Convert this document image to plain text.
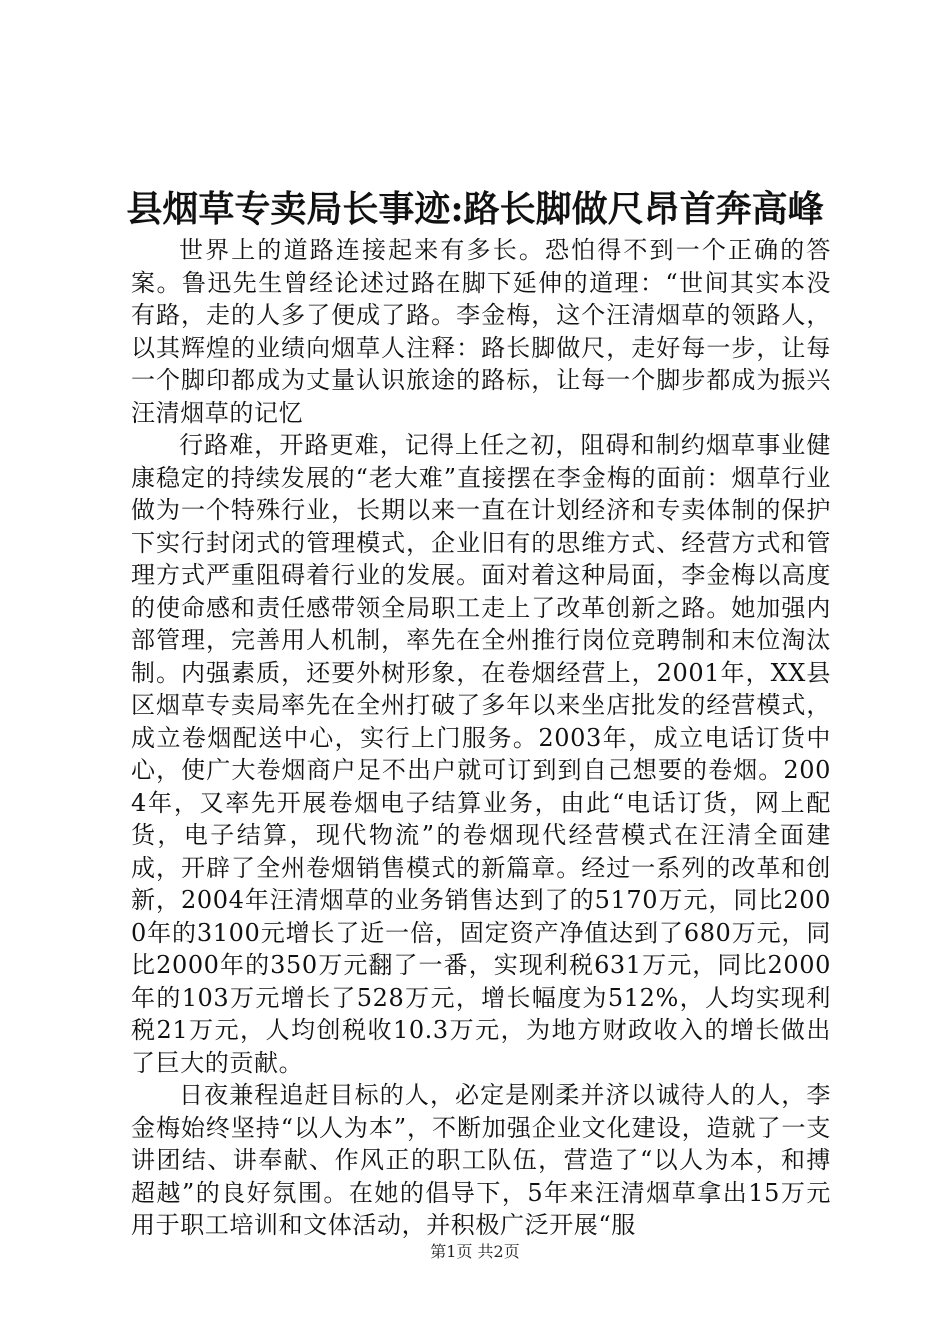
县烟草专卖局长事迹:路长脚做尺昂首奔高峰

世界上的道路连接起来有多长。恐怕得不到一个正确的答案。鲁迅先生曾经论述过路在脚下延伸的道理：“世间其实本没有路，走的人多了便成了路。李金梅，这个汪清烟草的领路人，以其辉煌的业绩向烟草人注释：路长脚做尺，走好每一步，让每一个脚印都成为丈量认识旅途的路标，让每一个脚步都成为振兴汪清烟草的记忆

行路难，开路更难，记得上任之初，阻碍和制约烟草事业健康稳定的持续发展的“老大难”直接摆在李金梅的面前：烟草行业做为一个特殊行业，长期以来一直在计划经济和专卖体制的保护下实行封闭式的管理模式，企业旧有的思维方式、经营方式和管理方式严重阻碍着行业的发展。面对着这种局面，李金梅以高度的使命感和责任感带领全局职工走上了改革创新之路。她加强内部管理，完善用人机制，率先在全州推行岗位竞聘制和末位淘汰制。内强素质，还要外树形象，在卷烟经营上，2001年，XX县区烟草专卖局率先在全州打破了多年以来坐店批发的经营模式，成立卷烟配送中心，实行上门服务。2003年，成立电话订货中心，使广大卷烟商户足不出户就可订到到自己想要的卷烟。2004年，又率先开展卷烟电子结算业务，由此“电话订货，网上配货，电子结算，现代物流”的卷烟现代经营模式在汪清全面建成，开辟了全州卷烟销售模式的新篇章。经过一系列的改革和创新，2004年汪清烟草的业务销售达到了的5170万元，同比2000年的3100元增长了近一倍，固定资产净值达到了680万元，同比2000年的350万元翻了一番，实现利税631万元，同比2000年的103万元增长了528万元，增长幅度为512%，人均实现利税21万元，人均创税收10.3万元，为地方财政收入的增长做出了巨大的贡献。

日夜兼程追赶目标的人，必定是刚柔并济以诚待人的人，李金梅始终坚持“以人为本”，不断加强企业文化建设，造就了一支讲团结、讲奉献、作风正的职工队伍，营造了“以人为本，和搏超越”的良好氛围。在她的倡导下，5年来汪清烟草拿出15万元用于职工培训和文体活动，并积极广泛开展“服

第1页 共2页
